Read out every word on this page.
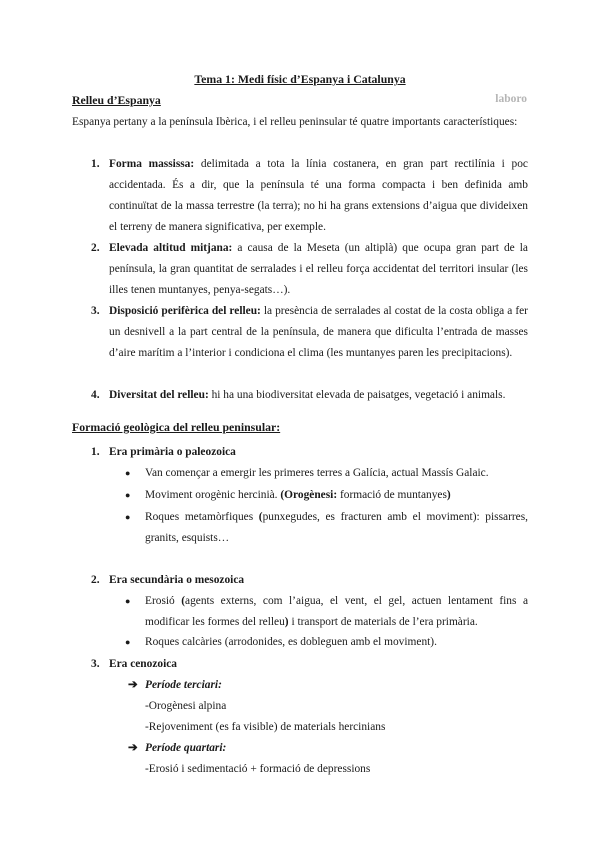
Tema 1: Medi físic d’Espanya i Catalunya
Relleu d’Espanya	laboro
Espanya pertany a la península Ibèrica, i el relleu peninsular té quatre importants característiques:
1. Forma massissa: delimitada a tota la línia costanera, en gran part rectilínia i poc accidentada. És a dir, que la península té una forma compacta i ben definida amb continuïtat de la massa terrestre (la terra); no hi ha grans extensions d’aigua que divideixen el terreny de manera significativa, per exemple.
2. Elevada altitud mitjana: a causa de la Meseta (un altiplà) que ocupa gran part de la península, la gran quantitat de serralades i el relleu força accidentat del territori insular (les illes tenen muntanyes, penya-segats…).
3. Disposició perifèrica del relleu: la presència de serralades al costat de la costa obliga a fer un desnivell a la part central de la península, de manera que dificulta l’entrada de masses d’aire marítim a l’interior i condiciona el clima (les muntanyes paren les precipitacions).
4. Diversitat del relleu: hi ha una biodiversitat elevada de paisatges, vegetació i animals.
Formació geològica del relleu peninsular:
1. Era primària o paleozoica
● Van començar a emergir les primeres terres a Galícia, actual Massís Galaic.
● Moviment orogènic hercinià. (Orogènesi: formació de muntanyes)
● Roques metamòrfiques (punxegudes, es fracturen amb el moviment): pissarres, granits, esquists…
2. Era secundària o mesozoica
● Erosió (agents externs, com l’aigua, el vent, el gel, actuen lentament fins a modificar les formes del relleu) i transport de materials de l’era primària.
● Roques calcàries (arrodonides, es dobleguen amb el moviment).
3. Era cenozoica
➔ Període terciari:
-Orogènesi alpina
-Rejoveniment (es fa visible) de materials hercinians
➔ Període quartari:
-Erosió i sedimentació + formació de depressions
